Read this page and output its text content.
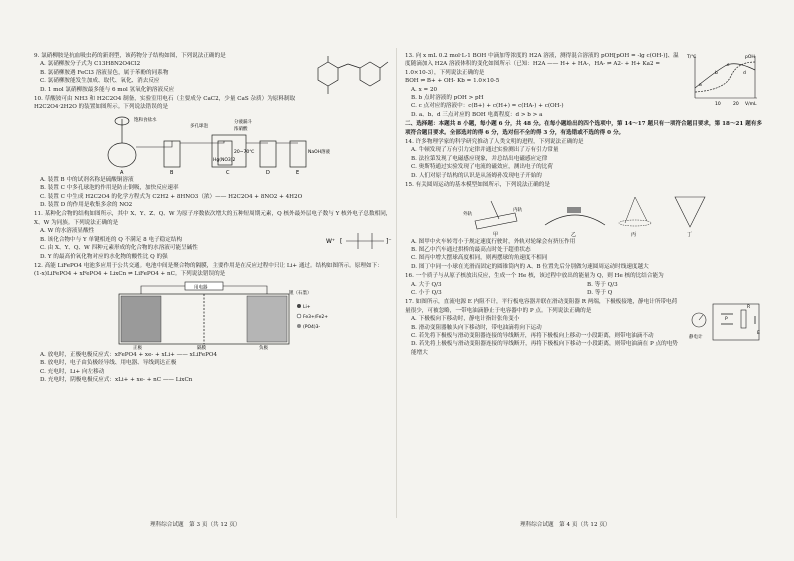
9. 氯硝柳胺是抗血吸虫药的新剂型，该药物分子结构如图，下列说法正确的是
A. 氯硝柳胺分子式为 C13H8N2O4Cl2
B. 氯硝柳胺遇 FeCl3 溶液显色，属于苯酚的同系物
C. 氯硝柳胺能发生加成、取代、氧化、消去反应
D. 1 mol 氯硝柳胺最多能与 6 mol 氢氧化钠溶液反应
10. 草酸铵可由 NH3 和 H2C2O4 制备，实验室用电石（主要成分 CaC2，少量 CaS 杂质）为原料制取 H2C2O4·2H2O 的装置如图所示。下列说法错误的是
饱和食盐水
多孔球泡
分液漏斗
浓硝酸
20~70℃
Hg(NO3)2
NaOH溶液
A	B	C	D	E
A. 装置 B 中的试剂名称是硫酸铜溶液
B. 装置 C 中多孔球泡的作用是防止倒吸，加快反应速率
C. 装置 C 中生成 H2C2O4 的化学方程式为 C2H2 + 8HNO3（浓）—— H2C2O4 + 8NO2 + 4H2O
D. 装置 D 的作用是收集多余的 NO2
11. 某种化合物的结构如图所示，其中 X、Y、Z、Q、W 为原子序数依次增大的五种短周期元素，Q 核外最外层电子数与 Y 核外电子总数相同，X、W 为同族。下列说法正确的是
W⁺ [	]⁻
A. W 的水溶液显酸性
B. 该化合物中与 Y 单键相连的 Q 不满足 8 电子稳定结构
C. 由 X、Y、Q、W 四种元素形成的化合物的水溶液可能呈碱性
D. Y 的最高价氧化物对应的水化物的酸性比 Q 的强
12. 高能 LiFePO4 电池多应用于公共交通。电池中间是聚合物的隔膜，主要作用是在反应过程中只让 Li+ 通过。结构如图所示。原理如下：
(1-x)LiFePO4 + xFePO4 + LixCn ⇌ LiFePO4 + nC。下列说法错误的是
用电器
锂（石墨）
正极	负极
Li+
Fe3+/Fe2+
(PO4)3-
隔膜
A. 放电时，正极电极反应式：xFePO4 + xe- + xLi+ —— xLiFePO4
B. 放电时，电子由负极经导线、用电器、导线到达正极
C. 充电时，Li+ 向左移动
D. 充电时，阴极电极反应式：xLi+ + xe- + nC —— LixCn
理科综合试题　第 3 页（共 12 页）
T/℃	pOH
a
b
c
d
10	20 V/mL
13. 向 x mL 0.2 mol·L-1 BOH 中滴加等浓度的 H2A 溶液，测得混合溶液的 pOH[pOH = -lg c(OH-)]、温度随滴加入 H2A 溶液体积的变化如图所示（已知：H2A —— H+ + HA-，HA- ⇌ A2- + H+ Ka2 = 1.0×10-3），下列说法正确的是
BOH ⇌ B+ + OH- Kb = 1.0×10-5
A. x = 20
B. b 点时溶液的 pOH > pH
C. c 点对应的溶液中：c(B+) + c(H+) = c(HA-) + c(OH-)
D. a、b、d 三点对应的 BOH 电离程度：d > b > a
二、选择题：本题共 8 小题，每小题 6 分，共 48 分。在每小题给出的四个选项中，第 14～17 题只有一项符合题目要求，第 18～21 题有多项符合题目要求。全部选对的得 6 分，选对但不全的得 3 分，有选错或不选的得 0 分。
14. 许多物理学家的科学研究推动了人类文明的进程，下列说法正确的是
A. 牛顿发现了万有引力定律并通过实验测出了万有引力常量
B. 法拉第发现了电磁感应现象，并总结出电磁感应定律
C. 奥斯特通过实验发现了电流的磁效应，测出电子的比荷
D. 人们对原子结构的认识是从汤姆孙发现电子开始的
15. 有关圆周运动的基本模型如图所示，下列说法正确的是
外轨
内轨
甲	乙	丙	丁
A. 图甲中火车转弯小于规定速度行驶时，外轨对轮缘会有挤压作用
B. 图乙中汽车通过拱桥的最高点时处于超重状态
C. 图丙中增大摆球高度相同，则两摆球的角速度不相同
D. 图丁中同一小球在光滑而固定的圆锥筒内的 A、B 位置先后分别做匀速圆周运动时线速度越大
16. 一个质子与从原子核放出反应，生成一个 He 核，该过程中放出的能量为 Q，则 He 核的比结合能为
A. 大于 Q/3	B. 等于 Q/3
C. 小于 Q/3	D. 等于 Q
静电计
P
R
E
17. 如图所示，直流电源 E 内阻不计，平行板电容器并联在滑动变阻器 R 两端，下极板接地，静电计所带电荷量很少，可被忽略，一带电油滴静止于电容器中的 P 点。下列说法正确的是
A. 下极板向下移动时，静电计指针张角变小
B. 滑动变阻器触头向下移动时，带电油滴将向下运动
C. 若先将下极板与滑动变阻器连接的导线断开，再将下极板向上移动一小段距离，则带电油滴不动
D. 若先将上极板与滑动变阻器连接的导线断开，再将下极板向下移动一小段距离，则带电油滴在 P 点的电势能增大
理科综合试题　第 4 页（共 12 页）
